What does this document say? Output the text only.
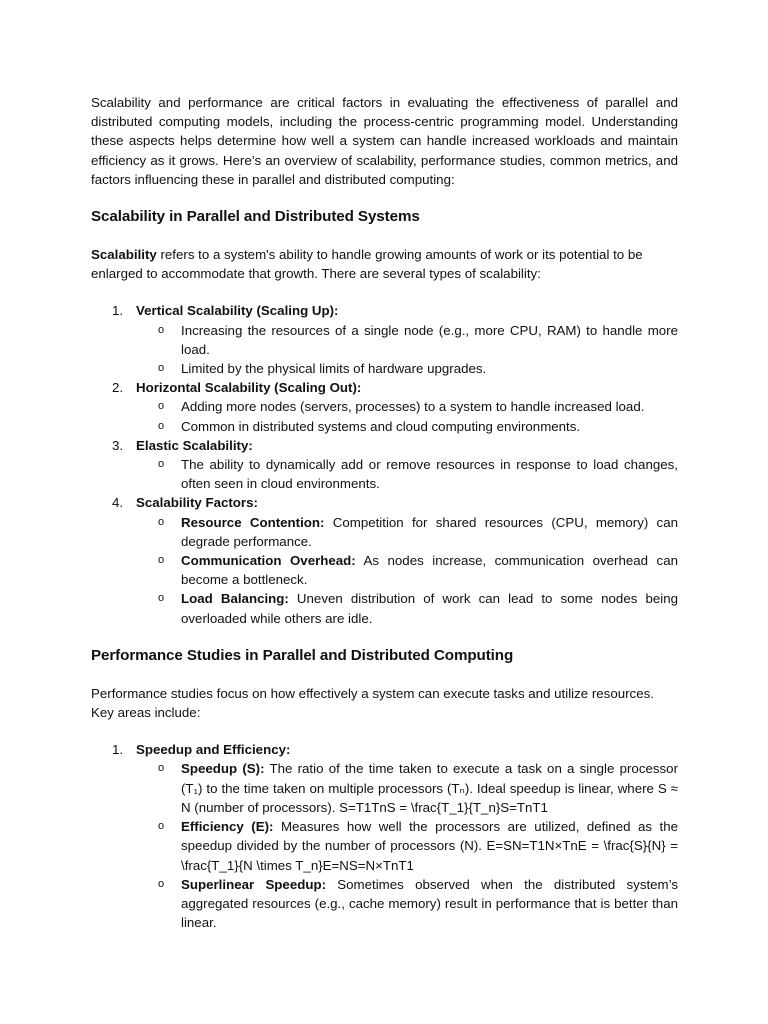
Scalability and performance are critical factors in evaluating the effectiveness of parallel and distributed computing models, including the process-centric programming model. Understanding these aspects helps determine how well a system can handle increased workloads and maintain efficiency as it grows. Here’s an overview of scalability, performance studies, common metrics, and factors influencing these in parallel and distributed computing:

Scalability in Parallel and Distributed Systems

Scalability refers to a system's ability to handle growing amounts of work or its potential to be enlarged to accommodate that growth. There are several types of scalability:

1. Vertical Scalability (Scaling Up):
o Increasing the resources of a single node (e.g., more CPU, RAM) to handle more load.
o Limited by the physical limits of hardware upgrades.
2. Horizontal Scalability (Scaling Out):
o Adding more nodes (servers, processes) to a system to handle increased load.
o Common in distributed systems and cloud computing environments.
3. Elastic Scalability:
o The ability to dynamically add or remove resources in response to load changes, often seen in cloud environments.
4. Scalability Factors:
o Resource Contention: Competition for shared resources (CPU, memory) can degrade performance.
o Communication Overhead: As nodes increase, communication overhead can become a bottleneck.
o Load Balancing: Uneven distribution of work can lead to some nodes being overloaded while others are idle.
Performance Studies in Parallel and Distributed Computing

Performance studies focus on how effectively a system can execute tasks and utilize resources. Key areas include:

1. Speedup and Efficiency:
o Speedup (S): The ratio of the time taken to execute a task on a single processor (T₁) to the time taken on multiple processors (Tₙ). Ideal speedup is linear, where S ≈ N (number of processors). S=T1TnS = \frac{T_1}{T_n}S=TnT1
o Efficiency (E): Measures how well the processors are utilized, defined as the speedup divided by the number of processors (N). E=SN=T1N×TnE = \frac{S}{N} = \frac{T_1}{N \times T_n}E=NS=N×TnT1
o Superlinear Speedup: Sometimes observed when the distributed system’s aggregated resources (e.g., cache memory) result in performance that is better than linear.
